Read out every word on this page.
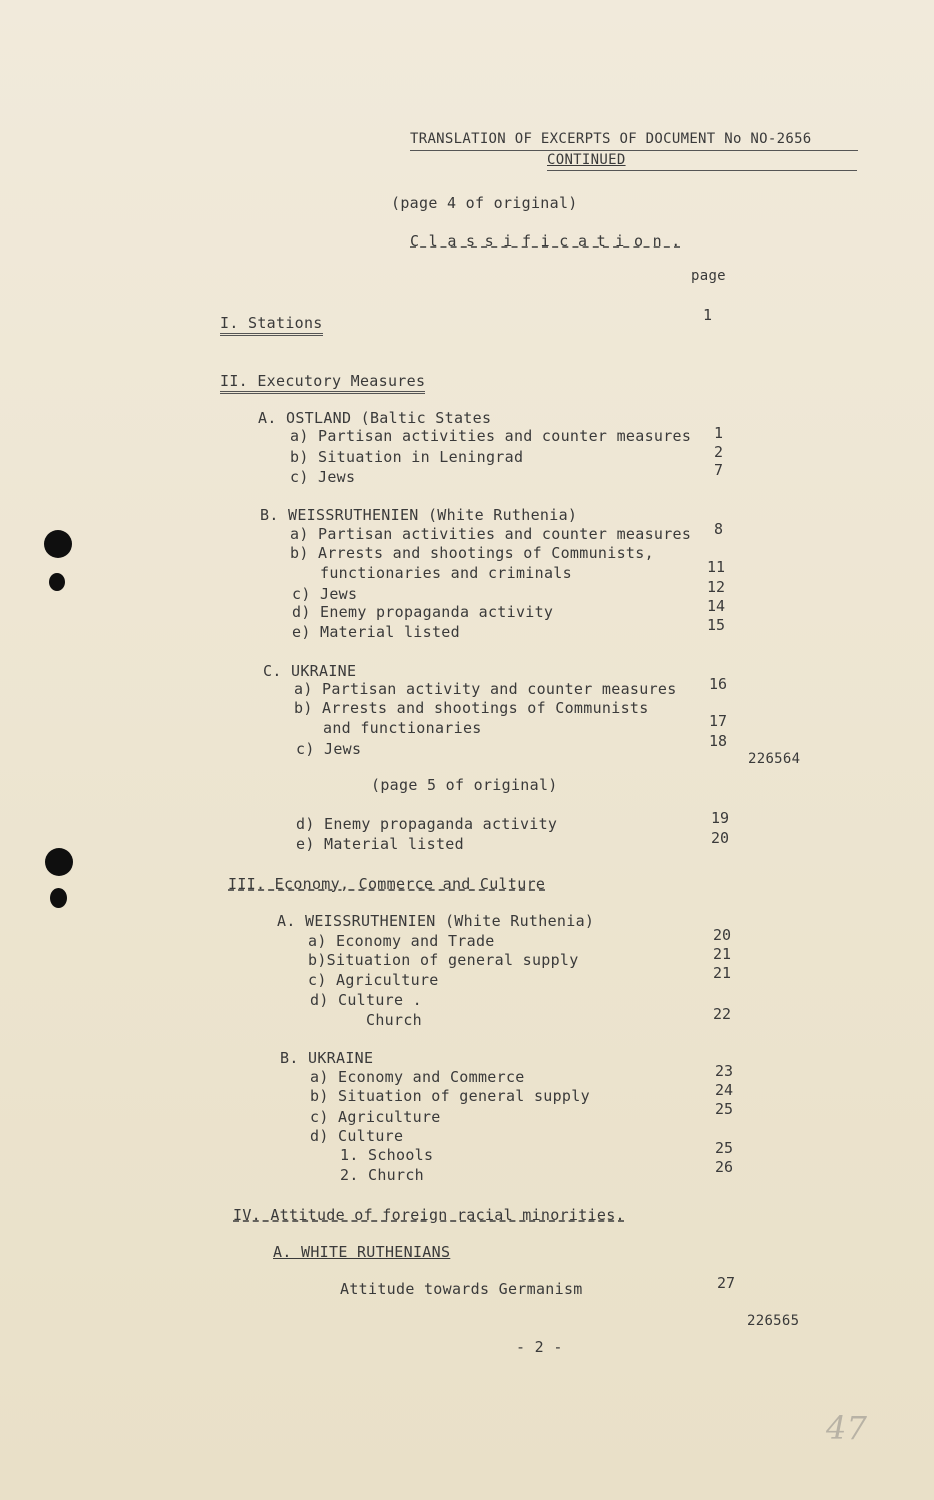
TRANSLATION OF EXCERPTS OF DOCUMENT No NO-2656
CONTINUED
(page 4 of original)
C l a s s i f i c a t i o n .
page
I. Stations	1
II. Executory Measures
A. OSTLAND (Baltic States
a) Partisan activities and counter measures 1
b) Situation in Leningrad	2
c) Jews	7
B. WEISSRUTHENIEN (White Ruthenia)
a) Partisan activities and counter measures 8
b) Arrests and shootings of Communists,
functionaries and criminals	11
c) Jews	12
d) Enemy propaganda activity	14
e) Material listed	15
C. UKRAINE
a) Partisan activity and counter measures 16
b) Arrests and shootings of Communists
and functionaries	17
c) Jews	18
226564
(page 5 of original)
d) Enemy propaganda activity	19
e) Material listed	20
III. Economy, Commerce and Culture
A. WEISSRUTHENIEN (White Ruthenia)
a) Economy and Trade	20
b)Situation of general supply	21
c) Agriculture	21
d) Culture .
Church	22
B. UKRAINE
a) Economy and Commerce	23
b) Situation of general supply	24
c) Agriculture	25
d) Culture
1. Schools	25
2. Church	26
IV. Attitude of foreign racial minorities.
A. WHITE RUTHENIANS
Attitude towards Germanism	27
226565
- 2 -
47
